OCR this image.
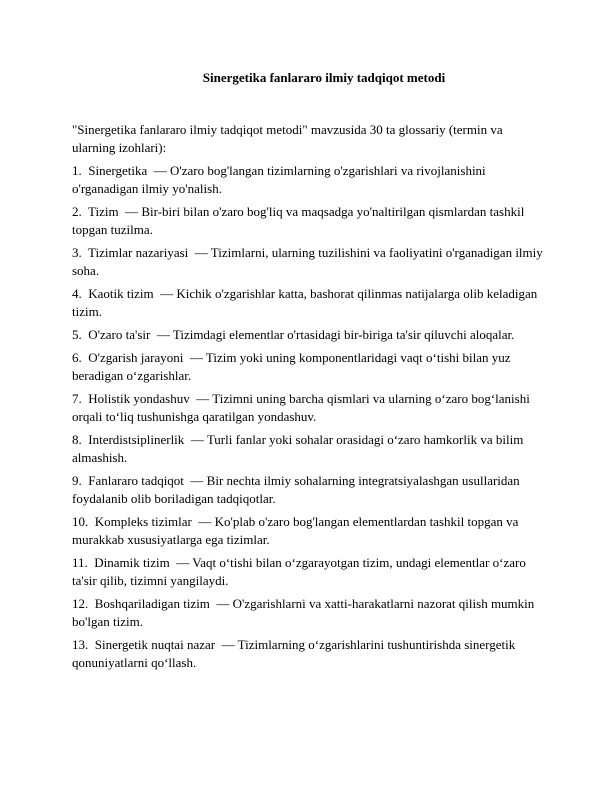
Sinergetika fanlararo ilmiy tadqiqot metodi

"Sinergetika fanlararo ilmiy tadqiqot metodi" mavzusida 30 ta glossariy (termin va ularning izohlari):

1. Sinergetika — O'zaro bog'langan tizimlarning o'zgarishlari va rivojlanishini o'rganadigan ilmiy yo'nalish.

2. Tizim — Bir-biri bilan o'zaro bog'liq va maqsadga yo'naltirilgan qismlardan tashkil topgan tuzilma.

3. Tizimlar nazariyasi — Tizimlarni, ularning tuzilishini va faoliyatini o'rganadigan ilmiy soha.

4. Kaotik tizim — Kichik o'zgarishlar katta, bashorat qilinmas natijalarga olib keladigan tizim.

5. O'zaro ta'sir — Tizimdagi elementlar o'rtasidagi bir-biriga ta'sir qiluvchi aloqalar.

6. O'zgarish jarayoni — Tizim yoki uning komponentlaridagi vaqt o‘tishi bilan yuz beradigan o‘zgarishlar.

7. Holistik yondashuv — Tizimni uning barcha qismlari va ularning o‘zaro bog‘lanishi orqali to‘liq tushunishga qaratilgan yondashuv.

8. Interdistsiplinerlik — Turli fanlar yoki sohalar orasidagi o‘zaro hamkorlik va bilim almashish.

9. Fanlararo tadqiqot — Bir nechta ilmiy sohalarning integratsiyalashgan usullaridan foydalanib olib boriladigan tadqiqotlar.

10. Kompleks tizimlar — Ko'plab o'zaro bog'langan elementlardan tashkil topgan va murakkab xususiyatlarga ega tizimlar.

11. Dinamik tizim — Vaqt o‘tishi bilan o‘zgarayotgan tizim, undagi elementlar o‘zaro ta'sir qilib, tizimni yangilaydi.

12. Boshqariladigan tizim — O'zgarishlarni va xatti-harakatlarni nazorat qilish mumkin bo'lgan tizim.

13. Sinergetik nuqtai nazar — Tizimlarning o‘zgarishlarini tushuntirishda sinergetik qonuniyatlarni qo‘llash.
